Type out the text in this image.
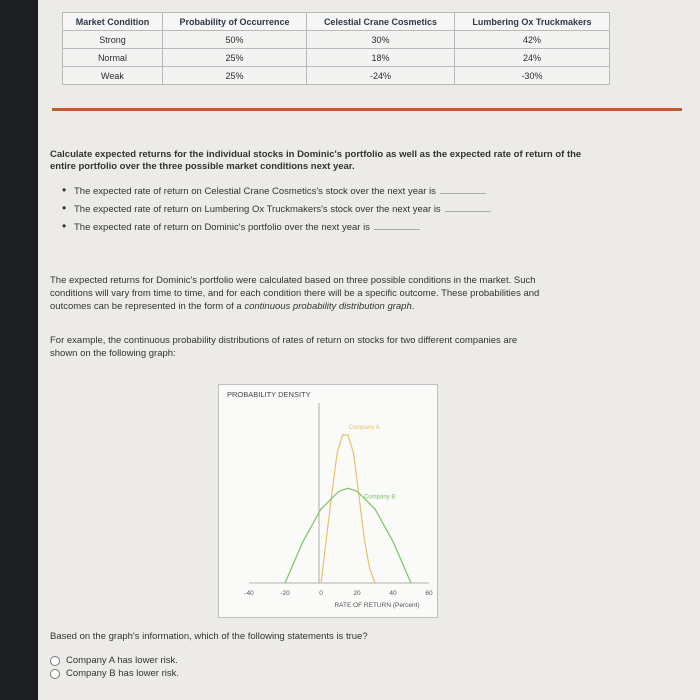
Market Condition	Probability of Occurrence	Celestial Crane Cosmetics	Lumbering Ox Truckmakers
Strong	50%	30%	42%
Normal	25%	18%	24%
Weak	25%	-24%	-30%
Calculate expected returns for the individual stocks in Dominic's portfolio as well as the expected rate of return of the
entire portfolio over the three possible market conditions next year.
• The expected rate of return on Celestial Crane Cosmetics's stock over the next year is
• The expected rate of return on Lumbering Ox Truckmakers's stock over the next year is
• The expected rate of return on Dominic's portfolio over the next year is
The expected returns for Dominic's portfolio were calculated based on three possible conditions in the market. Such
conditions will vary from time to time, and for each condition there will be a specific outcome. These probabilities and
outcomes can be represented in the form of a continuous probability distribution graph.
For example, the continuous probability distributions of rates of return on stocks for two different companies are
shown on the following graph:
PROBABILITY DENSITY
-40	-20	0	20	40	60
Company A
Company B
RATE OF RETURN (Percent)
Based on the graph's information, which of the following statements is true?
Company A has lower risk.
Company B has lower risk.
